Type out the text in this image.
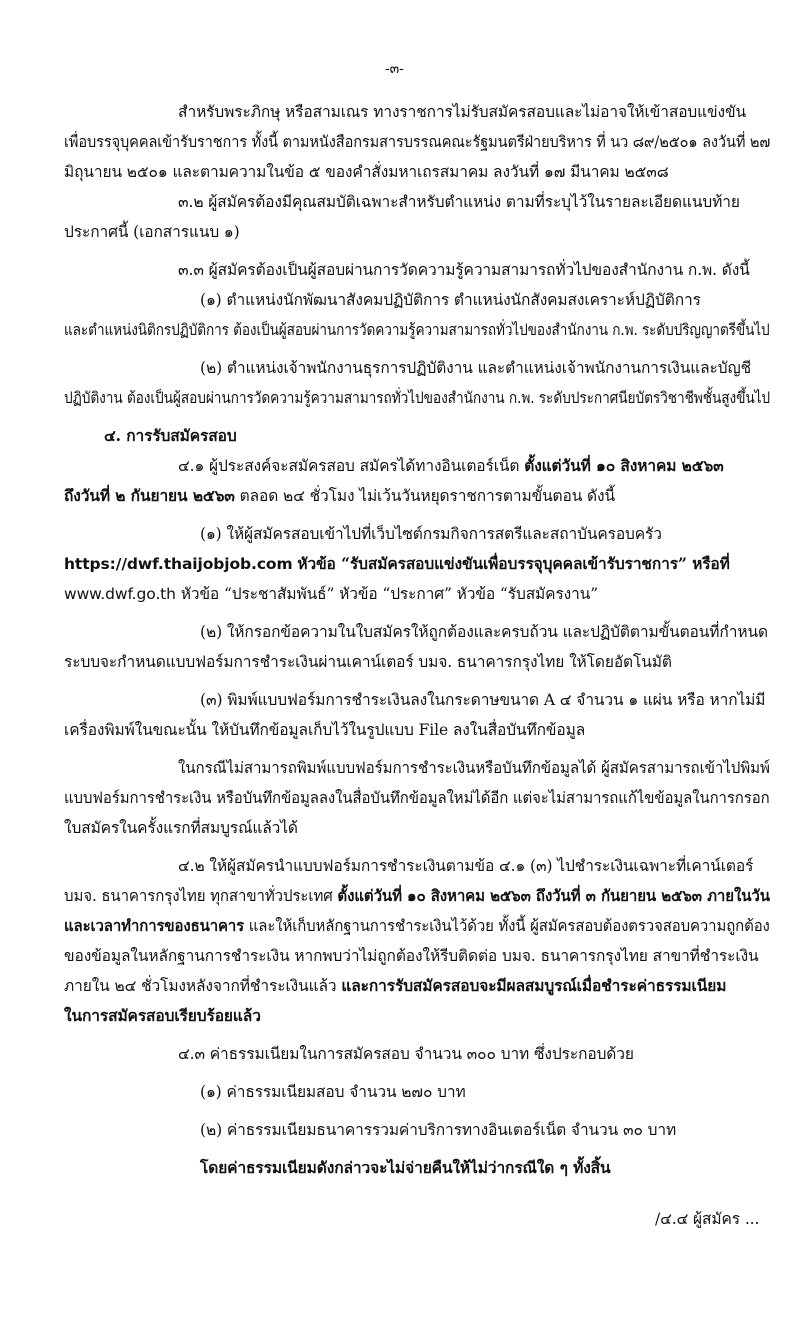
-๓-

สำหรับพระภิกษุ หรือสามเณร ทางราชการไม่รับสมัครสอบและไม่อาจให้เข้าสอบแข่งขัน

เพื่อบรรจุบุคคลเข้ารับราชการ ทั้งนี้ ตามหนังสือกรมสารบรรณคณะรัฐมนตรีฝ่ายบริหาร ที่ นว ๘๙/๒๕๐๑ ลงวันที่ ๒๗

มิถุนายน ๒๕๐๑ และตามความในข้อ ๕ ของคำสั่งมหาเถรสมาคม ลงวันที่ ๑๗ มีนาคม ๒๕๓๘

๓.๒ ผู้สมัครต้องมีคุณสมบัติเฉพาะสำหรับตำแหน่ง ตามที่ระบุไว้ในรายละเอียดแนบท้าย

ประกาศนี้ (เอกสารแนบ ๑)

๓.๓ ผู้สมัครต้องเป็นผู้สอบผ่านการวัดความรู้ความสามารถทั่วไปของสำนักงาน ก.พ. ดังนี้

(๑) ตำแหน่งนักพัฒนาสังคมปฏิบัติการ ตำแหน่งนักสังคมสงเคราะห์ปฏิบัติการ

และตำแหน่งนิติกรปฏิบัติการ ต้องเป็นผู้สอบผ่านการวัดความรู้ความสามารถทั่วไปของสำนักงาน ก.พ. ระดับปริญญาตรีขึ้นไป

(๒) ตำแหน่งเจ้าพนักงานธุรการปฏิบัติงาน และตำแหน่งเจ้าพนักงานการเงินและบัญชี

ปฏิบัติงาน ต้องเป็นผู้สอบผ่านการวัดความรู้ความสามารถทั่วไปของสำนักงาน ก.พ. ระดับประกาศนียบัตรวิชาชีพชั้นสูงขึ้นไป

๔. การรับสมัครสอบ

๔.๑ ผู้ประสงค์จะสมัครสอบ สมัครได้ทางอินเตอร์เน็ต ตั้งแต่วันที่ ๑๐ สิงหาคม ๒๕๖๓

ถึงวันที่ ๒ กันยายน ๒๕๖๓ ตลอด ๒๔ ชั่วโมง ไม่เว้นวันหยุดราชการตามขั้นตอน ดังนี้

(๑) ให้ผู้สมัครสอบเข้าไปที่เว็บไซต์กรมกิจการสตรีและสถาบันครอบครัว

https://dwf.thaijobjob.com หัวข้อ “รับสมัครสอบแข่งขันเพื่อบรรจุบุคคลเข้ารับราชการ” หรือที่

www.dwf.go.th หัวข้อ “ประชาสัมพันธ์” หัวข้อ “ประกาศ” หัวข้อ “รับสมัครงาน”

(๒) ให้กรอกข้อความในใบสมัครให้ถูกต้องและครบถ้วน และปฏิบัติตามขั้นตอนที่กำหนด

ระบบจะกำหนดแบบฟอร์มการชำระเงินผ่านเคาน์เตอร์ บมจ. ธนาคารกรุงไทย ให้โดยอัตโนมัติ

(๓) พิมพ์แบบฟอร์มการชำระเงินลงในกระดาษขนาด A ๔ จำนวน ๑ แผ่น หรือ หากไม่มี

เครื่องพิมพ์ในขณะนั้น ให้บันทึกข้อมูลเก็บไว้ในรูปแบบ File ลงในสื่อบันทึกข้อมูล

ในกรณีไม่สามารถพิมพ์แบบฟอร์มการชำระเงินหรือบันทึกข้อมูลได้ ผู้สมัครสามารถเข้าไปพิมพ์

แบบฟอร์มการชำระเงิน หรือบันทึกข้อมูลลงในสื่อบันทึกข้อมูลใหม่ได้อีก แต่จะไม่สามารถแก้ไขข้อมูลในการกรอก

ใบสมัครในครั้งแรกที่สมบูรณ์แล้วได้

๔.๒ ให้ผู้สมัครนำแบบฟอร์มการชำระเงินตามข้อ ๔.๑ (๓) ไปชำระเงินเฉพาะที่เคาน์เตอร์

บมจ. ธนาคารกรุงไทย ทุกสาขาทั่วประเทศ ตั้งแต่วันที่ ๑๐ สิงหาคม ๒๕๖๓ ถึงวันที่ ๓ กันยายน ๒๕๖๓ ภายในวัน

และเวลาทำการของธนาคาร และให้เก็บหลักฐานการชำระเงินไว้ด้วย ทั้งนี้ ผู้สมัครสอบต้องตรวจสอบความถูกต้อง

ของข้อมูลในหลักฐานการชำระเงิน หากพบว่าไม่ถูกต้องให้รีบติดต่อ บมจ. ธนาคารกรุงไทย สาขาที่ชำระเงิน

ภายใน ๒๔ ชั่วโมงหลังจากที่ชำระเงินแล้ว และการรับสมัครสอบจะมีผลสมบูรณ์เมื่อชำระค่าธรรมเนียม

ในการสมัครสอบเรียบร้อยแล้ว

๔.๓ ค่าธรรมเนียมในการสมัครสอบ จำนวน ๓๐๐ บาท ซึ่งประกอบด้วย

(๑) ค่าธรรมเนียมสอบ จำนวน ๒๗๐ บาท

(๒) ค่าธรรมเนียมธนาคารรวมค่าบริการทางอินเตอร์เน็ต จำนวน ๓๐ บาท

โดยค่าธรรมเนียมดังกล่าวจะไม่จ่ายคืนให้ไม่ว่ากรณีใด ๆ ทั้งสิ้น

/๔.๔ ผู้สมัคร ...
